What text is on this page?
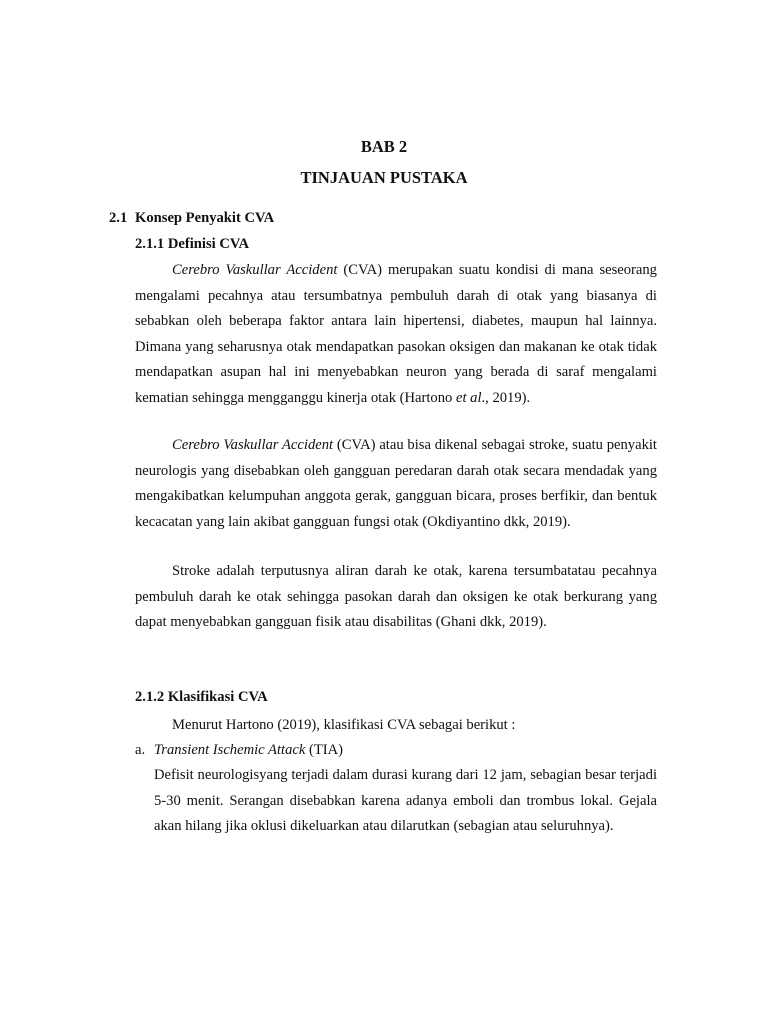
BAB 2
TINJAUAN PUSTAKA
2.1 Konsep Penyakit CVA
2.1.1 Definisi CVA

Cerebro Vaskullar Accident (CVA) merupakan suatu kondisi di mana seseorang mengalami pecahnya atau tersumbatnya pembuluh darah di otak yang biasanya di sebabkan oleh beberapa faktor antara lain hipertensi, diabetes, maupun hal lainnya. Dimana yang seharusnya otak mendapatkan pasokan oksigen dan makanan ke otak tidak mendapatkan asupan hal ini menyebabkan neuron yang berada di saraf mengalami kematian sehingga mengganggu kinerja otak (Hartono et al., 2019).

Cerebro Vaskullar Accident (CVA) atau bisa dikenal sebagai stroke, suatu penyakit neurologis yang disebabkan oleh gangguan peredaran darah otak secara mendadak yang mengakibatkan kelumpuhan anggota gerak, gangguan bicara, proses berfikir, dan bentuk kecacatan yang lain akibat gangguan fungsi otak (Okdiyantino dkk, 2019).

Stroke adalah terputusnya aliran darah ke otak, karena tersumbatatau pecahnya pembuluh darah ke otak sehingga pasokan darah dan oksigen ke otak berkurang yang dapat menyebabkan gangguan fisik atau disabilitas (Ghani dkk, 2019).

2.1.2 Klasifikasi CVA
Menurut Hartono (2019), klasifikasi CVA sebagai berikut :
a. Transient Ischemic Attack (TIA)

Defisit neurologisyang terjadi dalam durasi kurang dari 12 jam, sebagian besar terjadi 5-30 menit. Serangan disebabkan karena adanya emboli dan trombus lokal. Gejala akan hilang jika oklusi dikeluarkan atau dilarutkan (sebagian atau seluruhnya).
